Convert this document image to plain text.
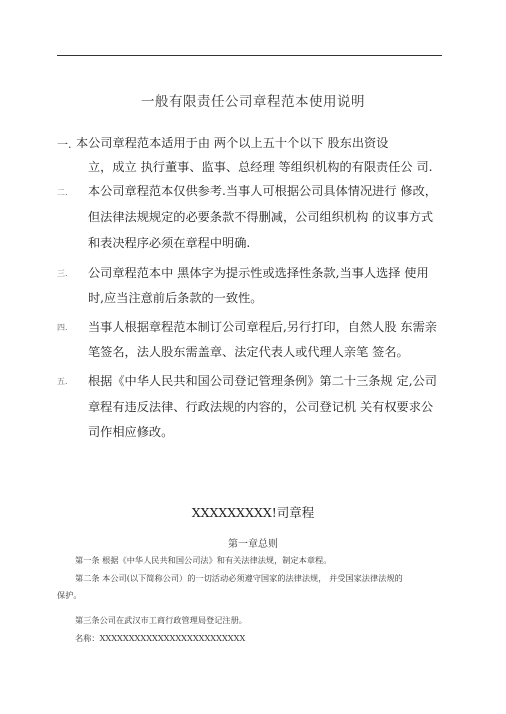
一般有限责任公司章程范本使用说明
一. 本公司章程范本适用于由 两个以上五十个以下 股东出资设
立，成立 执行董事、监事、总经理 等组织机构的有限责任公 司.
二. 本公司章程范本仅供参考.当事人可根据公司具体情况进行 修改，
但法律法规规定的必要条款不得删减，公司组织机构 的议事方式
和表决程序必须在章程中明确.
三. 公司章程范本中 黑体字为提示性或选择性条款,当事人选择 使用
时,应当注意前后条款的一致性。
四. 当事人根据章程范本制订公司章程后,另行打印，自然人股 东需亲
笔签名，法人股东需盖章、法定代表人或代理人亲笔 签名。
五. 根据《中华人民共和国公司登记管理条例》第二十三条规 定,公司
章程有违反法律、行政法规的内容的，公司登记机 关有权要求公
司作相应修改。
XXXXXXXXX!司章程
第一章总则
第一条 根据《中华人民共和国公司法》和有关法律法规，制定本章程。
第二条 本公司(以下简称公司）的一切活动必须遵守国家的法律法规， 并受国家法律法规的
保护。
第三条公司在武汉市工商行政管理局登记注册。
名称：XXXXXXXXXXXXXXXXXXXXXXXXX
